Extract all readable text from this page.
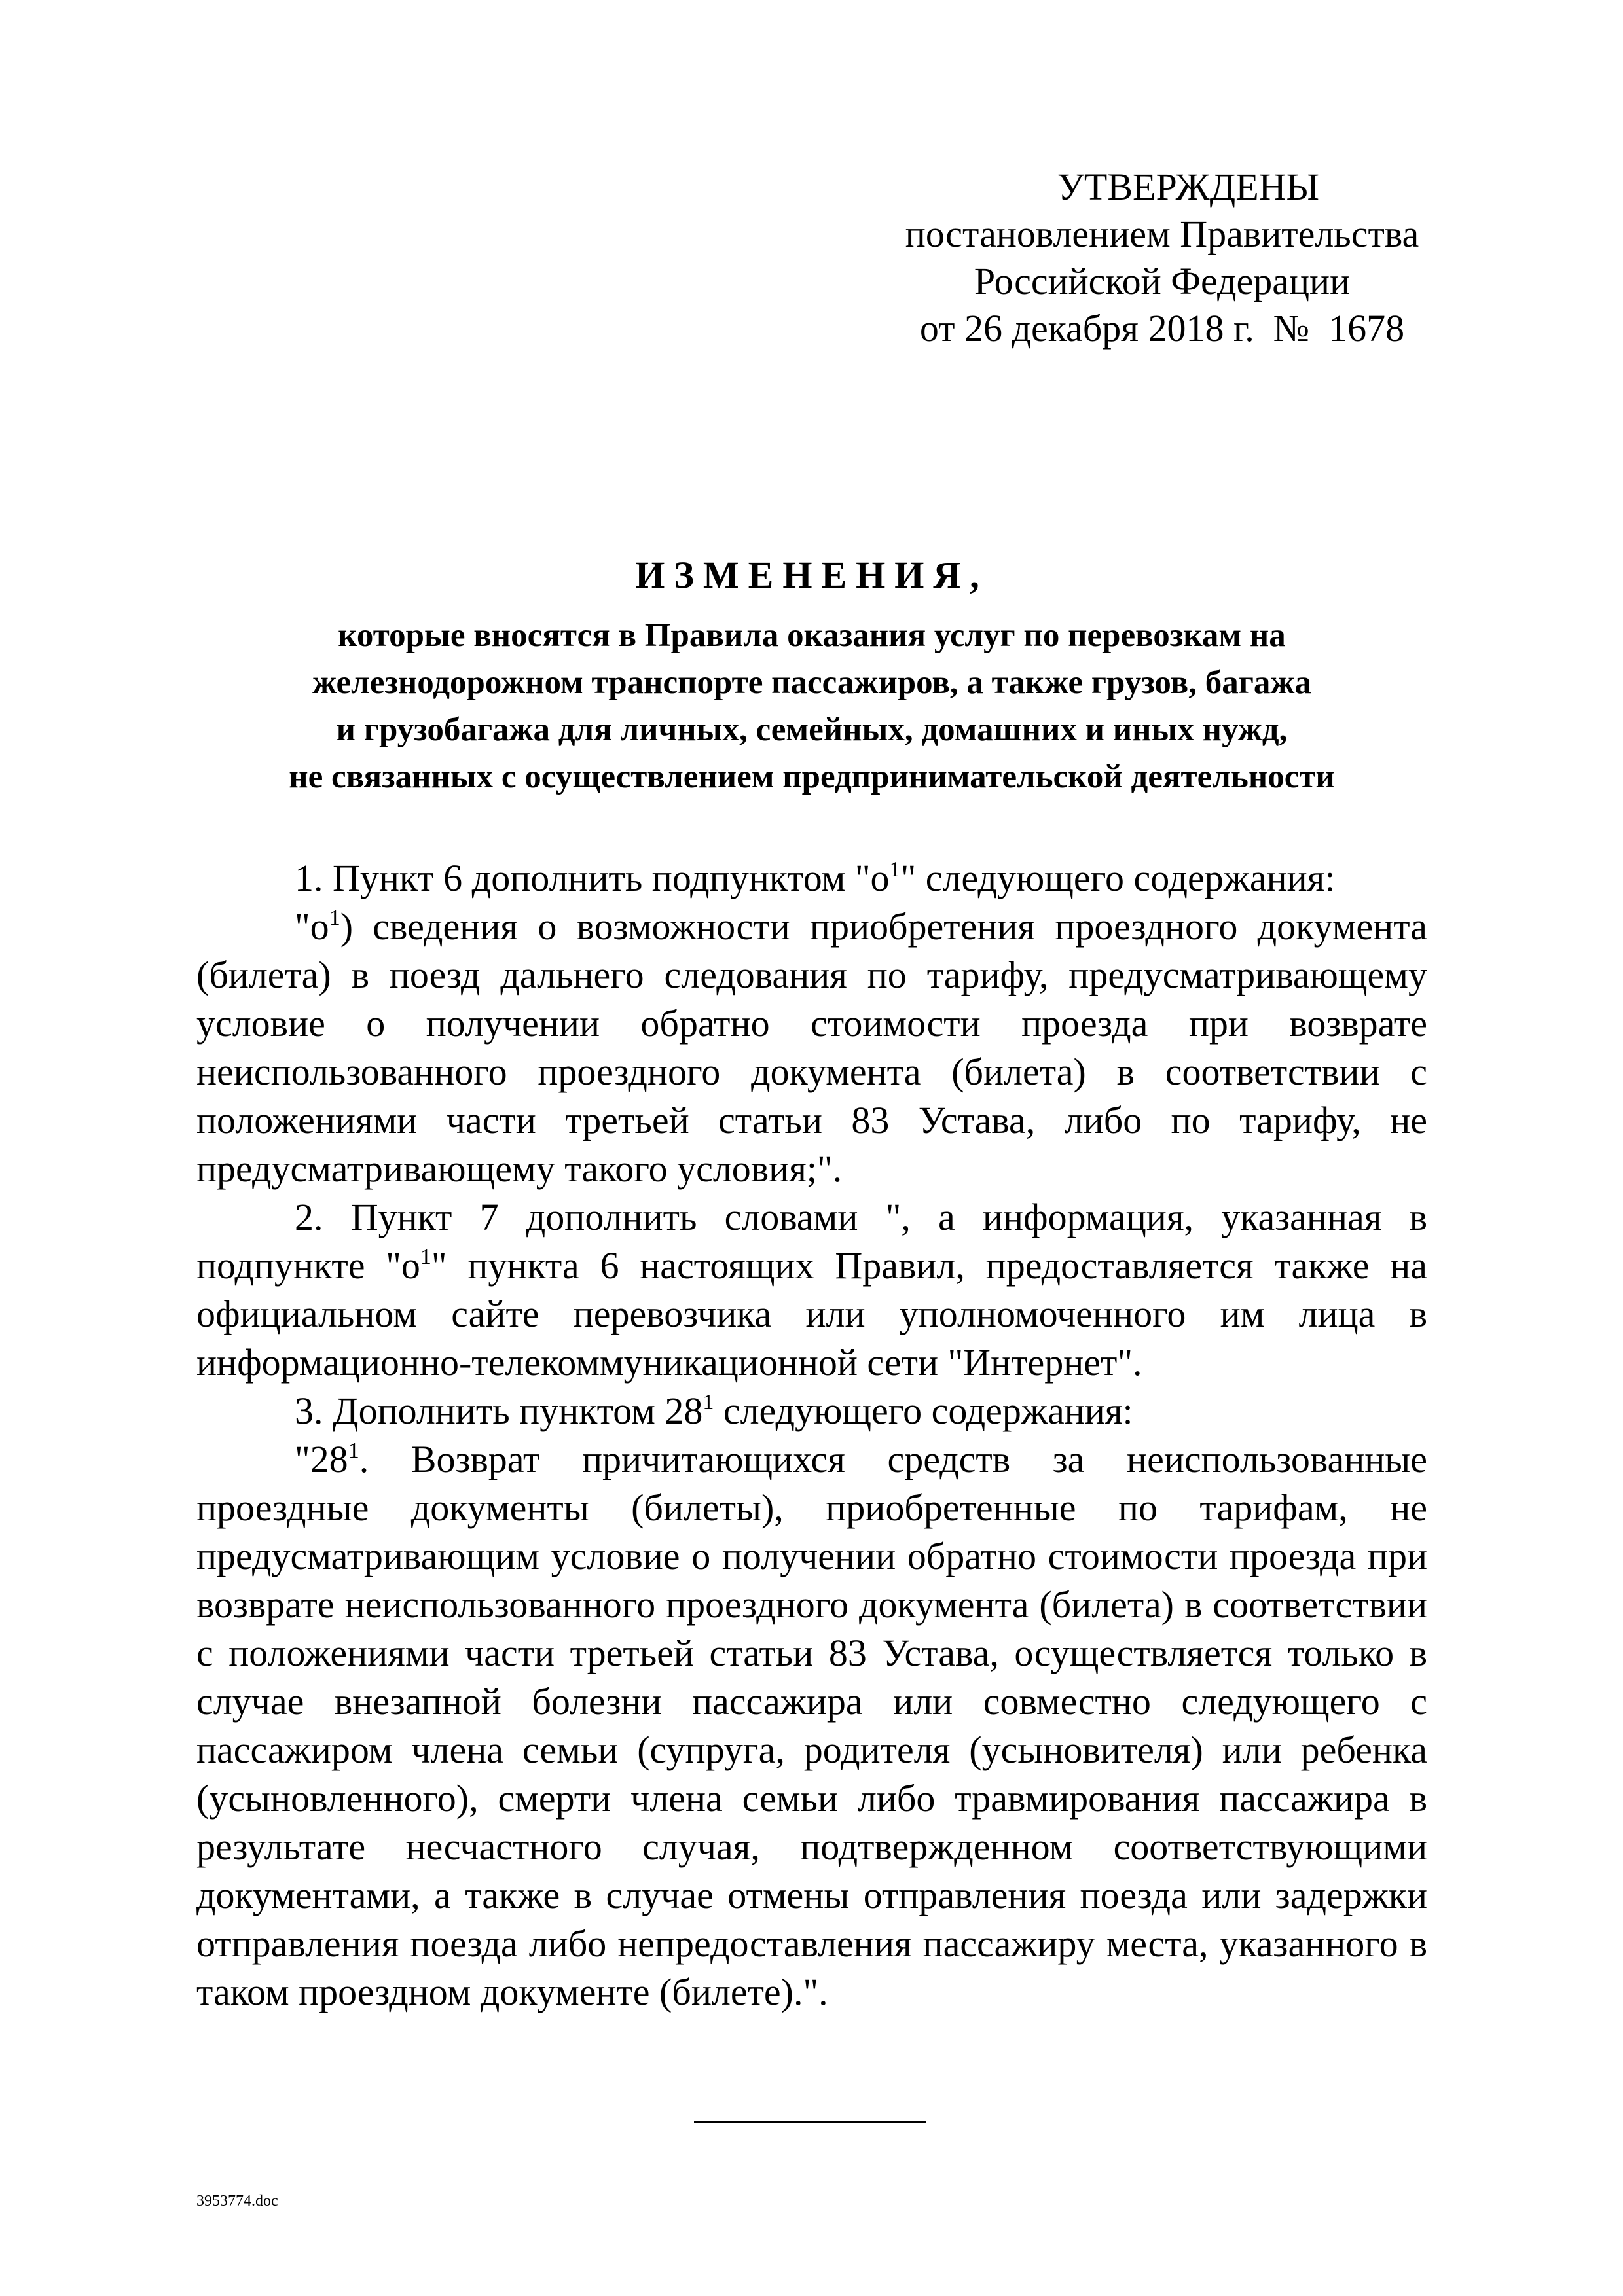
УТВЕРЖДЕНЫ
постановлением Правительства
Российской Федерации
от 26 декабря 2018 г.  №  1678
ИЗМЕНЕНИЯ,
которые вносятся в Правила оказания услуг по перевозкам на
железнодорожном транспорте пассажиров, а также грузов, багажа
и грузобагажа для личных, семейных, домашних и иных нужд,
не связанных с осуществлением предпринимательской деятельности

1. Пункт 6 дополнить подпунктом "$о^1$" следующего содержания:

"$о^1$) сведения о возможности приобретения проездного документа (билета) в поезд дальнего следования по тарифу, предусматривающему условие о получении обратно стоимости проезда при возврате неиспользованного проездного документа (билета) в соответствии с положениями части третьей статьи 83 Устава, либо по тарифу, не предусматривающему такого условия;".

2. Пункт 7 дополнить словами ", а информация, указанная в подпункте "$о^1$" пункта 6 настоящих Правил, предоставляется также на официальном сайте перевозчика или уполномоченного им лица в информационно-телекоммуникационной сети "Интернет".

3. Дополнить пунктом $28^1$ следующего содержания:

"$28^1$. Возврат причитающихся средств за неиспользованные проездные документы (билеты), приобретенные по тарифам, не предусматривающим условие о получении обратно стоимости проезда при возврате неиспользованного проездного документа (билета) в соответствии с положениями части третьей статьи 83 Устава, осуществляется только в случае внезапной болезни пассажира или совместно следующего с пассажиром члена семьи (супруга, родителя (усыновителя) или ребенка (усыновленного), смерти члена семьи либо травмирования пассажира в результате несчастного случая, подтвержденном соответствующими документами, а также в случае отмены отправления поезда или задержки отправления поезда либо непредоставления пассажиру места, указанного в таком проездном документе (билете).".

3953774.doc
